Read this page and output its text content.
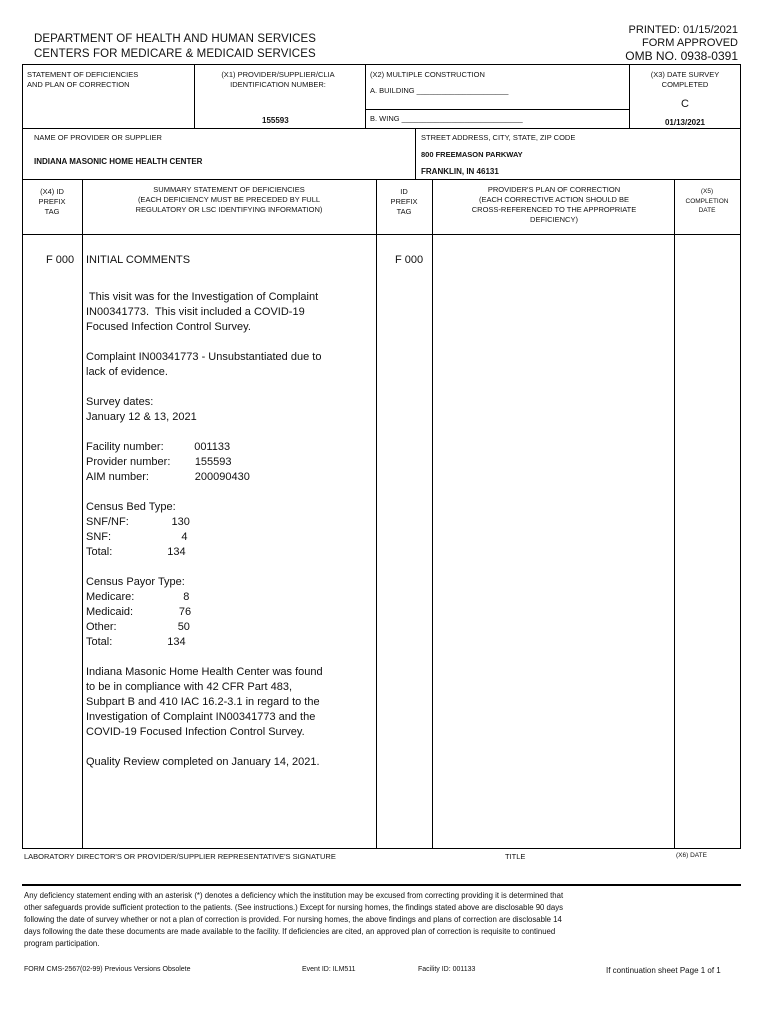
DEPARTMENT OF HEALTH AND HUMAN SERVICES
CENTERS FOR MEDICARE & MEDICAID SERVICES
PRINTED: 01/15/2021
FORM APPROVED
OMB NO. 0938-0391
STATEMENT OF DEFICIENCIES
AND PLAN OF CORRECTION
(X1) PROVIDER/SUPPLIER/CLIA
IDENTIFICATION NUMBER:
155593
(X2) MULTIPLE CONSTRUCTION
A. BUILDING ______________________
B. WING _____________________________
(X3) DATE SURVEY
COMPLETED
C
01/13/2021
NAME OF PROVIDER OR SUPPLIER
INDIANA MASONIC HOME HEALTH CENTER
STREET ADDRESS, CITY, STATE, ZIP CODE
800 FREEMASON PARKWAY
FRANKLIN, IN 46131
(X4) ID
PREFIX
TAG
SUMMARY STATEMENT OF DEFICIENCIES
(EACH DEFICIENCY MUST BE PRECEDED BY FULL
REGULATORY OR LSC IDENTIFYING INFORMATION)
ID
PREFIX
TAG
PROVIDER'S PLAN OF CORRECTION
(EACH CORRECTIVE ACTION SHOULD BE
CROSS-REFERENCED TO THE APPROPRIATE
DEFICIENCY)
(X5)
COMPLETION
DATE
F 000 INITIAL COMMENTS	F 000
This visit was for the Investigation of Complaint
IN00341773.  This visit included a COVID-19
Focused Infection Control Survey.

Complaint IN00341773 - Unsubstantiated due to
lack of evidence.

Survey dates:
January 12 & 13, 2021

Facility number:          001133
Provider number:        155593
AIM number:               200090430

Census Bed Type:
SNF/NF:              130
SNF:                       4
Total:                  134

Census Payor Type:
Medicare:                8
Medicaid:               76
Other:                    50
Total:                  134

Indiana Masonic Home Health Center was found
to be in compliance with 42 CFR Part 483,
Subpart B and 410 IAC 16.2-3.1 in regard to the
Investigation of Complaint IN00341773 and the
COVID-19 Focused Infection Control Survey.

Quality Review completed on January 14, 2021.
LABORATORY DIRECTOR'S OR PROVIDER/SUPPLIER REPRESENTATIVE'S SIGNATURE	TITLE	(X6) DATE
Any deficiency statement ending with an asterisk (*) denotes a deficiency which the institution may be excused from correcting providing it is determined that
other safeguards provide sufficient protection to the patients. (See instructions.) Except for nursing homes, the findings stated above are disclosable 90 days
following the date of survey whether or not a plan of correction is provided. For nursing homes, the above findings and plans of correction are disclosable 14
days following the date these documents are made available to the facility. If deficiencies are cited, an approved plan of correction is requisite to continued
program participation.
FORM CMS-2567(02-99) Previous Versions Obsolete	Event ID: ILM511	Facility ID: 001133	If continuation sheet Page 1 of 1
